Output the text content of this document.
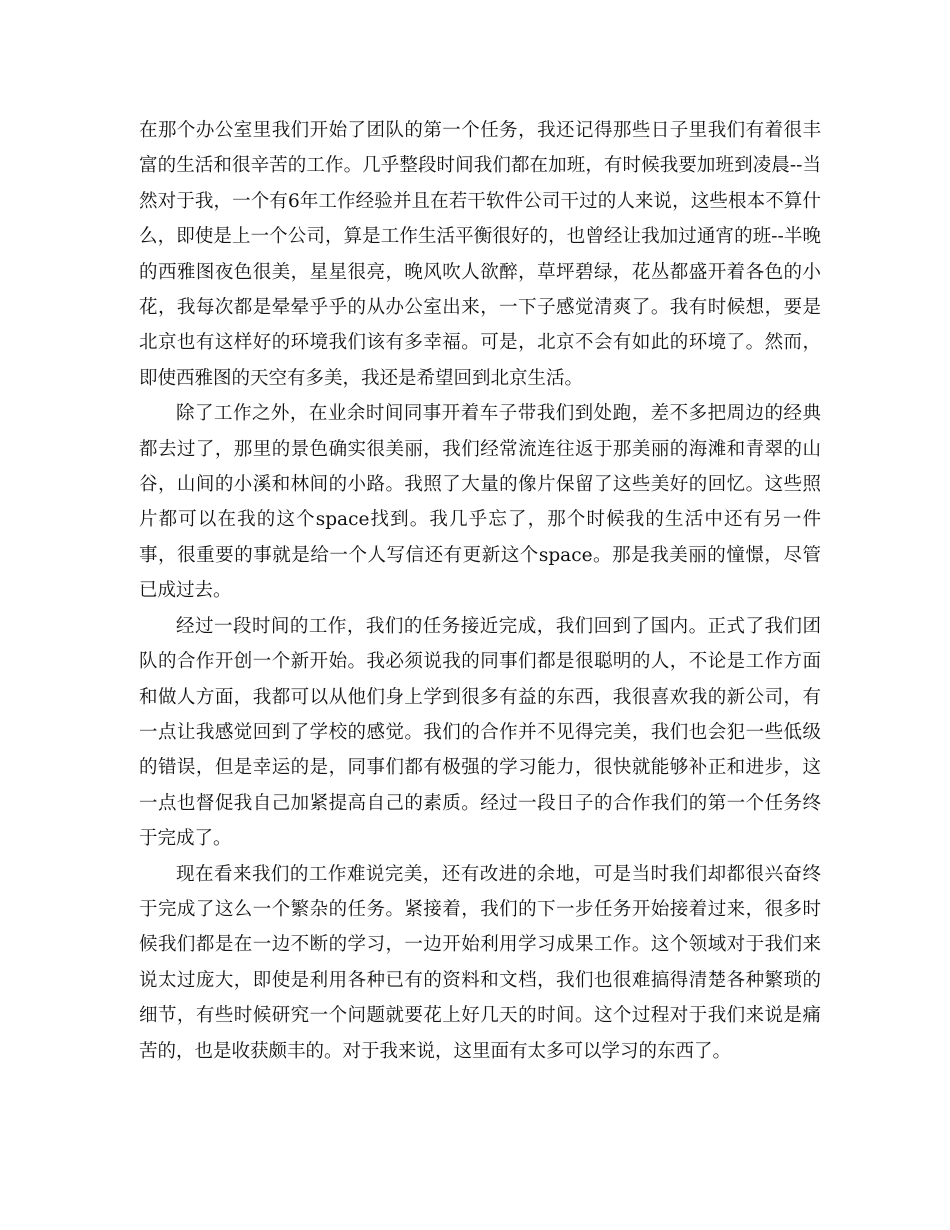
在那个办公室里我们开始了团队的第一个任务，我还记得那些日子里我们有着很丰富的生活和很辛苦的工作。几乎整段时间我们都在加班，有时候我要加班到凌晨--当然对于我，一个有6年工作经验并且在若干软件公司干过的人来说，这些根本不算什么，即使是上一个公司，算是工作生活平衡很好的，也曾经让我加过通宵的班--半晚的西雅图夜色很美，星星很亮，晚风吹人欲醉，草坪碧绿，花丛都盛开着各色的小花，我每次都是晕晕乎乎的从办公室出来，一下子感觉清爽了。我有时候想，要是北京也有这样好的环境我们该有多幸福。可是，北京不会有如此的环境了。然而，即使西雅图的天空有多美，我还是希望回到北京生活。

除了工作之外，在业余时间同事开着车子带我们到处跑，差不多把周边的经典都去过了，那里的景色确实很美丽，我们经常流连往返于那美丽的海滩和青翠的山谷，山间的小溪和林间的小路。我照了大量的像片保留了这些美好的回忆。这些照片都可以在我的这个space找到。我几乎忘了，那个时候我的生活中还有另一件事，很重要的事就是给一个人写信还有更新这个space。那是我美丽的憧憬，尽管已成过去。

经过一段时间的工作，我们的任务接近完成，我们回到了国内。正式了我们团队的合作开创一个新开始。我必须说我的同事们都是很聪明的人，不论是工作方面和做人方面，我都可以从他们身上学到很多有益的东西，我很喜欢我的新公司，有一点让我感觉回到了学校的感觉。我们的合作并不见得完美，我们也会犯一些低级的错误，但是幸运的是，同事们都有极强的学习能力，很快就能够补正和进步，这一点也督促我自己加紧提高自己的素质。经过一段日子的合作我们的第一个任务终于完成了。

现在看来我们的工作难说完美，还有改进的余地，可是当时我们却都很兴奋终于完成了这么一个繁杂的任务。紧接着，我们的下一步任务开始接着过来，很多时候我们都是在一边不断的学习，一边开始利用学习成果工作。这个领域对于我们来说太过庞大，即使是利用各种已有的资料和文档，我们也很难搞得清楚各种繁琐的细节，有些时候研究一个问题就要花上好几天的时间。这个过程对于我们来说是痛苦的，也是收获颇丰的。对于我来说，这里面有太多可以学习的东西了。
